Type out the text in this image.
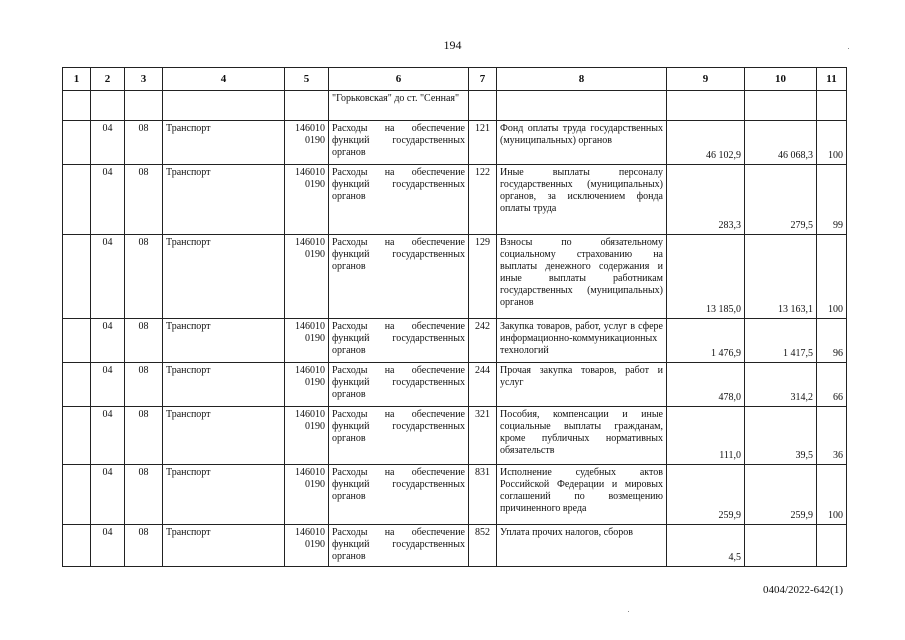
194
1	2	3	4	5	6	7	8	9	10	11
					"Горьковская" до ст. "Сенная"					
	04	08	Транспорт	146010 0190	Расходы на обеспечение функций государственных органов	121	Фонд оплаты труда государственных (муниципальных) органов	46 102,9	46 068,3	100
	04	08	Транспорт	146010 0190	Расходы на обеспечение функций государственных органов	122	Иные выплаты персоналу государственных (муниципальных) органов, за исключением фонда оплаты труда	283,3	279,5	99
	04	08	Транспорт	146010 0190	Расходы на обеспечение функций государственных органов	129	Взносы по обязательному социальному страхованию на выплаты денежного содержания и иные выплаты работникам государственных (муниципальных) органов	13 185,0	13 163,1	100
	04	08	Транспорт	146010 0190	Расходы на обеспечение функций государственных органов	242	Закупка товаров, работ, услуг в сфере информационно-коммуникационных технологий	1 476,9	1 417,5	96
	04	08	Транспорт	146010 0190	Расходы на обеспечение функций государственных органов	244	Прочая закупка товаров, работ и услуг	478,0	314,2	66
	04	08	Транспорт	146010 0190	Расходы на обеспечение функций государственных органов	321	Пособия, компенсации и иные социальные выплаты гражданам, кроме публичных нормативных обязательств	111,0	39,5	36
	04	08	Транспорт	146010 0190	Расходы на обеспечение функций государственных органов	831	Исполнение судебных актов Российской Федерации и мировых соглашений по возмещению причиненного вреда	259,9	259,9	100
	04	08	Транспорт	146010 0190	Расходы на обеспечение функций государственных органов	852	Уплата прочих налогов, сборов	4,5		
0404/2022-642(1)
